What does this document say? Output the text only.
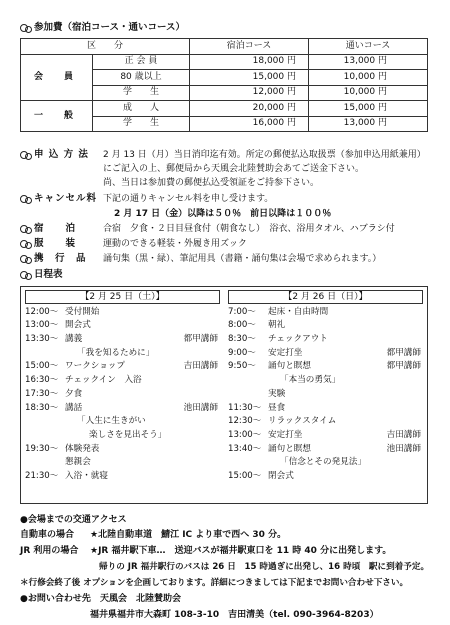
参加費（宿泊コース・通いコース）
区　　分		宿泊コース	通いコース
会　員	正 会 員	18,000 円	13,000 円
	80 歳以上	15,000 円	10,000 円
	学　　生	12,000 円	10,000 円
一　般	成　　人	20,000 円	15,000 円
	学　　生	16,000 円	13,000 円
申 込 方 法	2 月 13 日（月）当日消印迄有効。所定の郵便払込取扱票（参加申込用紙兼用）
にご記入の上、郵便局から天風会北陸賛助会あてご送金下さい。
尚、当日は参加費の郵便払込受領証をご持参下さい。
キャンセル料 下記の通りキャンセル料を申し受けます。
2 月 17 日（金）以降は５０％　前日以降は１００％
宿　　泊	合宿　夕食・２日目昼食付（朝食なし）　浴衣、浴用タオル、ハブラシ付
服　　装	運動のできる軽装・外履き用ズック
携　行　品	誦句集（黒・緑）、筆記用具（書籍・誦句集は会場で求められます。）
日程表
【2 月 25 日（土）】
12:00～ 受付開始
13:00～ 開会式
13:30～ 講義	都甲講師
「我を知るために」
15:00～ ワークショップ	吉田講師
16:30～ チェックイン　入浴
17:30～ 夕食
18:30～ 講話	池田講師
「人生に生きがい
楽しさを見出そう」
19:30～ 体験発表
懇親会
21:30～ 入浴・就寝
【2 月 26 日（日）】
7:00～	起床・自由時間
8:00～	朝礼
8:30～	チェックアウト
9:00～	安定打坐	都甲講師
9:50～	誦句と瞑想	都甲講師
「本当の勇気」
実験
11:30～ 昼食
12:30～ リラックスタイム
13:00～ 安定打坐	吉田講師
13:40～ 誦句と瞑想	池田講師
「信念とその発見法」
15:00～ 閉会式
●会場までの交通アクセス
自動車の場合 ★北陸自動車道　鯖江 IC より車で西へ 30 分。
JR 利用の場合 ★JR 福井駅下車…　送迎バスが福井駅東口を 11 時 40 分に出発します。
帰りの JR 福井駅行のバスは 26 日　15 時過ぎに出発し、16 時頃　駅に到着予定。
＊行修会終了後 オプションを企画しております。詳細につきましては下記までお問い合わせ下さい。
●お問い合わせ先 天風会　北陸賛助会
福井県福井市大森町 108-3-10　吉田清美（tel. 090-3964-8203）
